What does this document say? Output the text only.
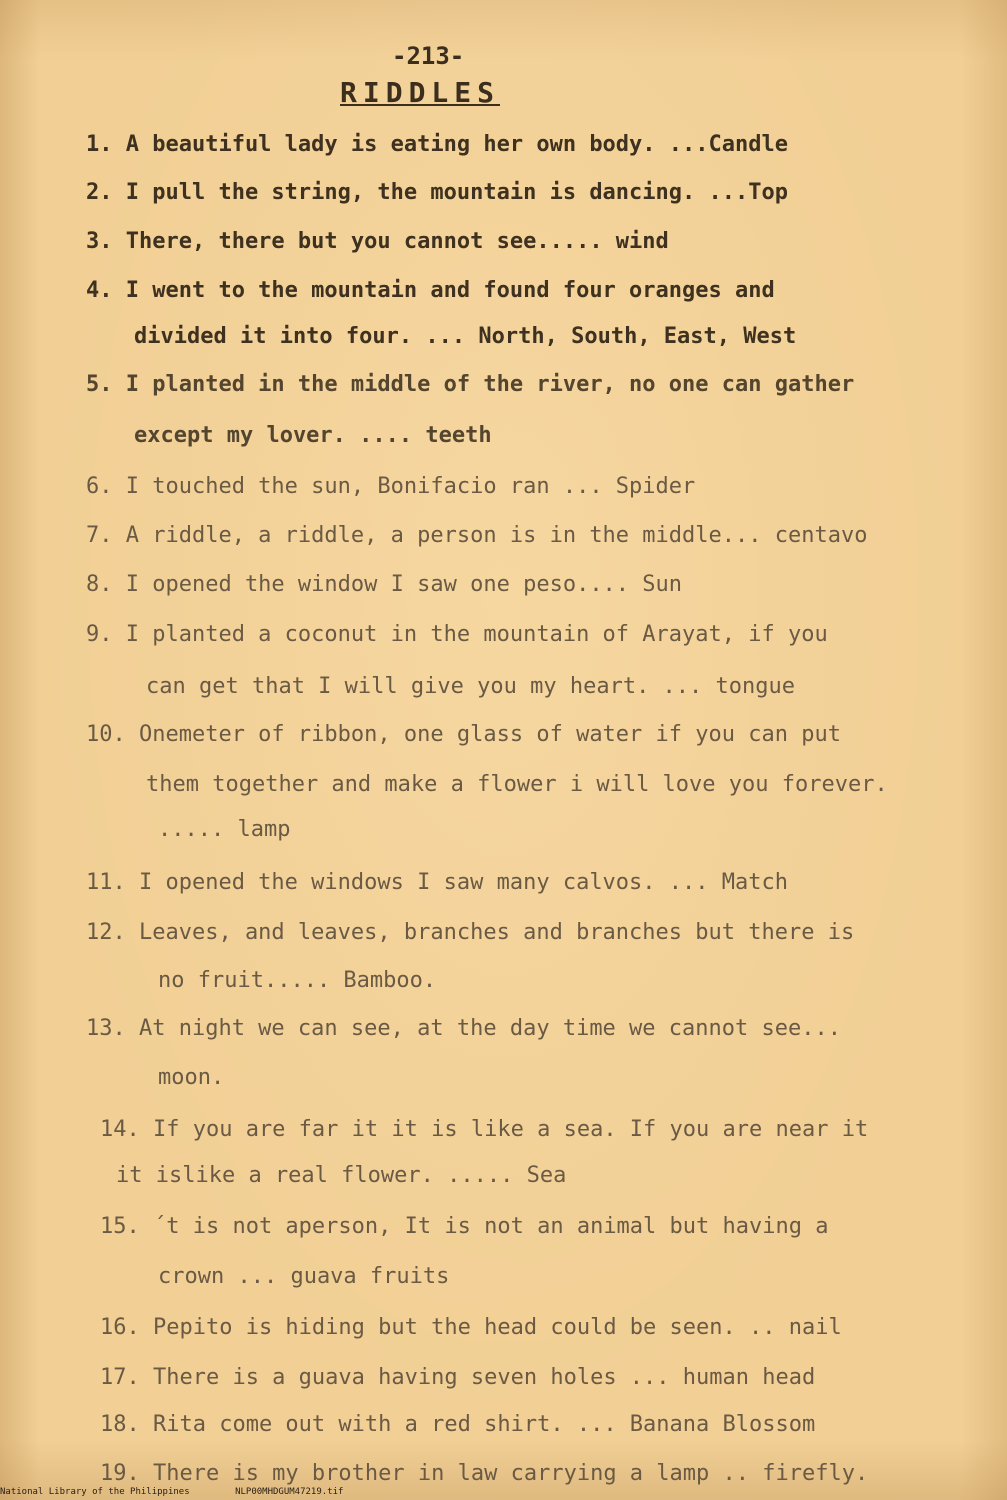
-213-
RIDDLES
1. A beautiful lady is eating her own body. ...Candle
2. I pull the string, the mountain is dancing. ...Top
3. There, there but you cannot see..... wind
4. I went to the mountain and found four oranges and
divided it into four. ... North, South, East, West
5. I planted in the middle of the river, no one can gather
except my lover. .... teeth
6. I touched the sun, Bonifacio ran ... Spider
7. A riddle, a riddle, a person is in the middle... centavo
8. I opened the window I saw one peso.... Sun
9. I planted a coconut in the mountain of Arayat, if you
can get that I will give you my heart. ... tongue
10. Onemeter of ribbon, one glass of water if you can put
them together and make a flower i will love you forever.
..... lamp
11. I opened the windows I saw many calvos. ... Match
12. Leaves, and leaves, branches and branches but there is
no fruit..... Bamboo.
13. At night we can see, at the day time we cannot see...
moon.
14. If you are far it it is like a sea. If you are near it
it islike a real flower. ..... Sea
15. ´t is not aperson, It is not an animal but having a
crown ... guava fruits
16. Pepito is hiding but the head could be seen. .. nail
17. There is a guava having seven holes ... human head
18. Rita come out with a red shirt. ... Banana Blossom
19. There is my brother in law carrying a lamp .. firefly.
National Library of the Philippines	NLP00MHDGUM47219.tif
